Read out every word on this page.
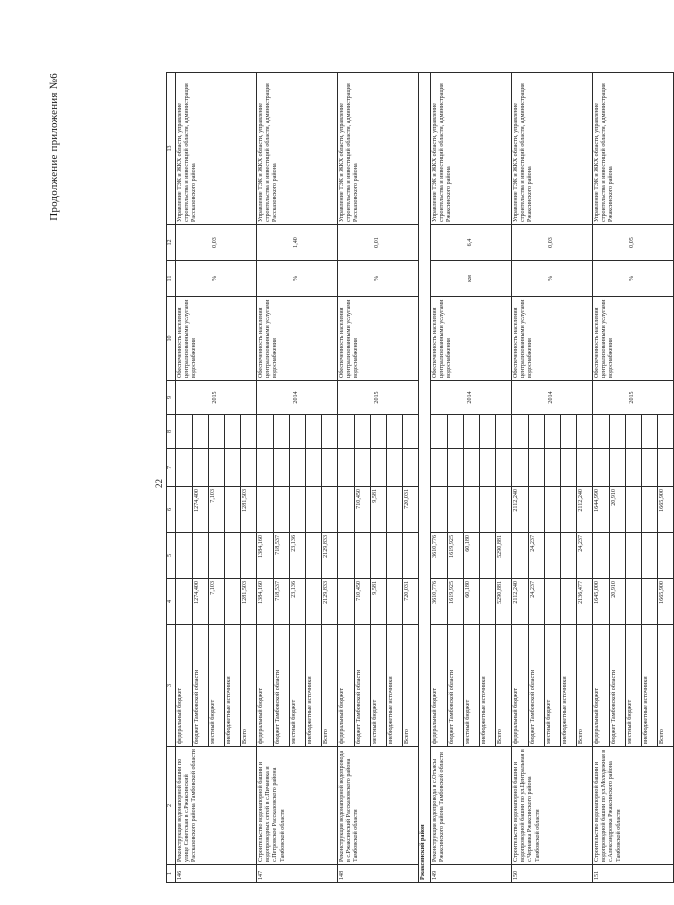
Продолжение приложения №6
22
1	2	3	4	5	6	7	8	9	10	11	12	13
146	Реконструкция водонапорной башни по улице Советская в с.Ржаксинский Рассказовского района Тамбовской области	федеральный бюджет						2015	Обеспеченность населения централизованными услугами водоснабжения	%	0,03	Управление ТЭК и ЖКХ области, управление строительства и инвестиций области, администрация Рассказовского района
		бюджет Тамбовской области	1274,400		1274,400							
		местный бюджет	7,103		7,103							
		внебюджетные источники										
		Всего	1281,503		1281,503							
147	Строительство водонапорной башни и водопроводных сетей в с.Пичаевка и с.Петровское Рассказовского района Тамбовской области	федеральный бюджет	1384,160	1384,160				2014	Обеспеченность населения централизованными услугами водоснабжения	%	1,40	Управление ТЭК и ЖКХ области, управление строительства и инвестиций области, администрация Рассказовского района
		бюджет Тамбовской области	718,537	718,537								
		местный бюджет	23,136	23,136								
		внебюджетные источники										
		Всего	2129,833	2129,833								
148	Реконструкция водонапорной водопровода в с.Ржаксинский Рассказовского района Тамбовской области	федеральный бюджет						2015	Обеспеченность населения централизованными услугами водоснабжения	%	0,01	Управление ТЭК и ЖКХ области, управление строительства и инвестиций области, администрация Рассказовского района
		бюджет Тамбовской области	710,450		710,450							
		местный бюджет	9,581		9,581							
		внебюджетные источники										
		Всего	720,031		720,031							
Ржаксинский район												
149	Реконструкция водопровода в с.Отъясы Ржаксинского района Тамбовской области	федеральный бюджет	3610,776	3610,776				2014	Обеспеченность населения централизованными услугами водоснабжения	км	6,4	Управление ТЭК и ЖКХ области, управление строительства и инвестиций области, администрация Ржаксинского района
		бюджет Тамбовской области	1619,925	1619,925								
		местный бюджет	60,180	60,180								
		внебюджетные источники										
		Всего	5290,881	5290,881								
150	Строительство водонапорной башни и водопроводной башни по ул.Центральная в с.Чернавка Ржаксинского района Тамбовской области	федеральный бюджет	2112,240		2112,240			2014	Обеспеченность населения централизованными услугами водоснабжения	%	0,03	Управление ТЭК и ЖКХ области, управление строительства и инвестиций области, администрация Ржаксинского района
		бюджет Тамбовской области	24,237	24,237								
		местный бюджет										
		внебюджетные источники										
		Всего	2136,477	24,237	2112,240							
151	Строительство водонапорной башни и водопроводной башни по ул.Молодежная в с.Александровка Ржаксинского района Тамбовской области	федеральный бюджет	1645,000		1644,990			2015	Обеспеченность населения централизованными услугами водоснабжения	%	0,05	Управление ТЭК и ЖКХ области, управление строительства и инвестиций области, администрация Ржаксинского района
		бюджет Тамбовской области	20,910		20,910							
		местный бюджет										
		внебюджетные источники										
		Всего	1665,900		1665,900							
